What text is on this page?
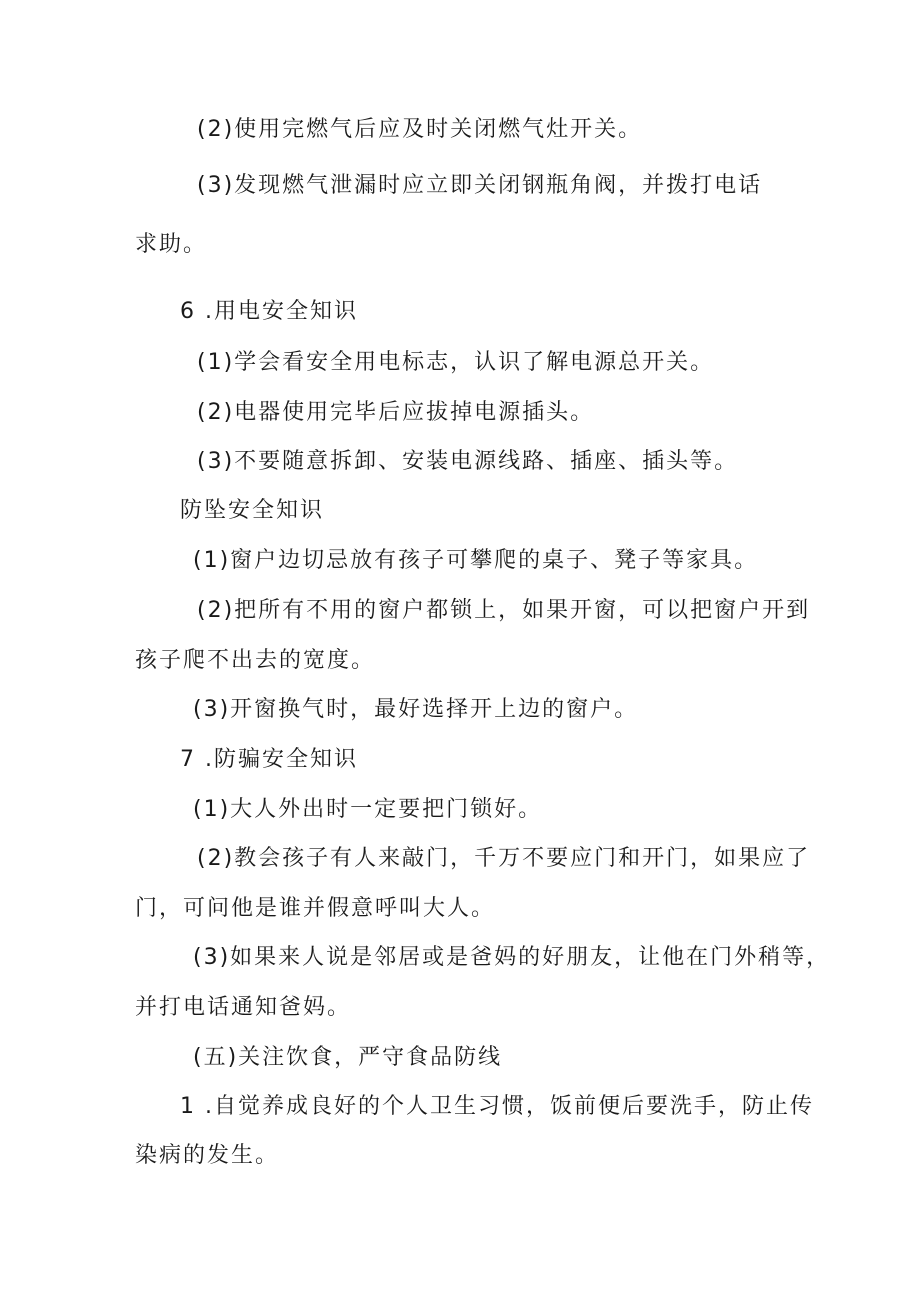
(2)使用完燃气后应及时关闭燃气灶开关。
(3)发现燃气泄漏时应立即关闭钢瓶角阀，并拨打电话
求助。
6 .用电安全知识
(1)学会看安全用电标志，认识了解电源总开关。
(2)电器使用完毕后应拔掉电源插头。
(3)不要随意拆卸、安装电源线路、插座、插头等。
防坠安全知识
(1)窗户边切忌放有孩子可攀爬的桌子、凳子等家具。
(2)把所有不用的窗户都锁上，如果开窗，可以把窗户开到
孩子爬不出去的宽度。
(3)开窗换气时，最好选择开上边的窗户。
7 .防骗安全知识
(1)大人外出时一定要把门锁好。
(2)教会孩子有人来敲门，千万不要应门和开门，如果应了
门，可问他是谁并假意呼叫大人。
(3)如果来人说是邻居或是爸妈的好朋友，让他在门外稍等，
并打电话通知爸妈。
(五)关注饮食，严守食品防线
1 .自觉养成良好的个人卫生习惯，饭前便后要洗手，防止传
染病的发生。
